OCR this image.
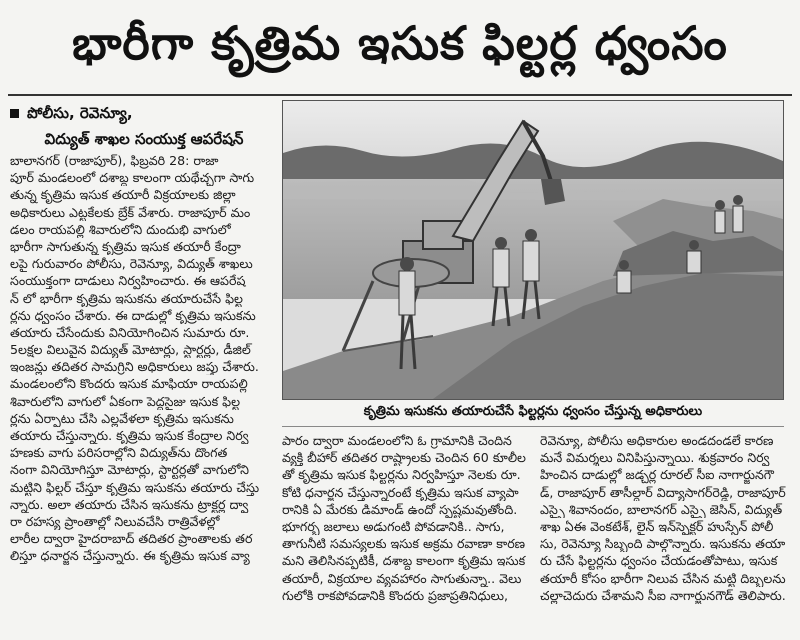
భారీగా కృత్రిమ ఇసుక ఫిల్టర్ల ధ్వంసం
పోలీసు, రెవెన్యూ,
విద్యుత్ శాఖల సంయుక్త ఆపరేషన్
బాలానగర్ (రాజాపూర్), ఫిబ్రవరి 28: రాజా
పూర్ మండలంలో దశాబ్ద కాలంగా యథేచ్ఛగా సాగు
తున్న కృత్రిమ ఇసుక తయారీ విక్రయాలకు జిల్లా
అధికారులు ఎట్టకేలకు బ్రేక్ వేశారు. రాజాపూర్ మం
డలం రాయపల్లి శివారులోని దుందుభి వాగులో
భారీగా సాగుతున్న కృత్రిమ ఇసుక తయారీ కేంద్రా
లపై గురువారం పోలీసు, రెవెన్యూ, విద్యుత్ శాఖలు
సంయుక్తంగా దాడులు నిర్వహించారు. ఈ ఆపరేష
న్ లో భారీగా కృత్రిమ ఇసుకను తయారుచేసే ఫిల్ట
ర్లను ధ్వంసం చేశారు. ఈ దాడుల్లో కృత్రిమ ఇసుకను
తయారు చేసేందుకు వినియోగించిన సుమారు రూ.
5లక్షల విలువైన విద్యుత్ మోటార్లు, స్టార్టర్లు, డీజిల్
ఇంజన్లు తదితర సామగ్రిని అధికారులు జప్తు చేశారు.
మండలంలోని కొందరు ఇసుక మాఫియా రాయపల్లి
శివారులోని వాగులో ఏకంగా పెద్దసైజు ఇసుక ఫిల్ట
ర్లను ఏర్పాటు చేసి ఎల్లవేళలా కృత్రిమ ఇసుకను
తయారు చేస్తున్నారు. కృత్రిమ ఇసుక కేంద్రాల నిర్వ
హణకు వాగు పరిసరాల్లోని విద్యుత్‌ను దొంగత
నంగా వినియోగిస్తూ మోటార్లు, స్టార్టర్లతో వాగులోని
మట్టిని ఫిల్టర్ చేస్తూ కృత్రిమ ఇసుకను తయారు చేస్తు
న్నారు. అలా తయారు చేసిన ఇసుకను ట్రాక్టర్ల ద్వా
రా రహస్య ప్రాంతాల్లో నిలువచేసి రాత్రివేళల్లో
లారీల ద్వారా హైదరాబాద్ తదితర ప్రాంతాలకు తర
లిస్తూ ధనార్జన చేస్తున్నారు. ఈ కృత్రిమ ఇసుక వ్యా
కృత్రిమ ఇసుకను తయారుచేసే ఫిల్టర్లను ధ్వంసం చేస్తున్న అధికారులు
పారం ద్వారా మండలంలోని ఓ గ్రామానికి చెందిన
వ్యక్తి బీహార్ తదితర రాష్ట్రాలకు చెందిన 60 కూలీల
తో కృత్రిమ ఇసుక ఫిల్టర్లను నిర్వహిస్తూ నెలకు రూ.
కోటి ధనార్జన చేస్తున్నారంటే కృత్రిమ ఇసుక వ్యాపా
రానికి ఏ మేరకు డిమాండ్ ఉందో స్పష్టమవుతోంది.
భూగర్భ జలాలు అడుగంటి పోవడానికి.. సాగు,
తాగునీటి సమస్యలకు ఇసుక అక్రమ రవాణా కారణ
మని తెలిసినప్పటికీ, దశాబ్ద కాలంగా కృత్రిమ ఇసుక
తయారీ, విక్రయాల వ్యవహారం సాగుతున్నా.. వెలు
గులోకి రాకపోవడానికి కొందరు ప్రజాప్రతినిధులు,
రెవెన్యూ, పోలీసు అధికారుల అండదండలే కారణ
మనే విమర్శలు వినిపిస్తున్నాయి. శుక్రవారం నిర్వ
హించిన దాడుల్లో జడ్చర్ల రూరల్ సీఐ నాగార్జునగౌ
డ్, రాజాపూర్ తాసీల్దార్ విద్యాసాగర్‌రెడ్డి, రాజాపూర్
ఎస్సై శివానందం, బాలానగర్ ఎస్సై జెసిన్, విద్యుత్
శాఖ ఏఈ వెంకటేశ్, లైన్ ఇన్‌స్పెక్టర్ హుస్సేన్ పోలీ
సు, రెవెన్యూ సిబ్బంది పాల్గొన్నారు. ఇసుకను తయా
రు చేసే ఫిల్టర్లను ధ్వంసం చేయడంతోపాటు, ఇసుక
తయారీ కోసం భారీగా నిలువ చేసిన మట్టి దిబ్బలను
చల్లాచెదురు చేశామని సీఐ నాగార్జునగౌడ్ తెలిపారు.
